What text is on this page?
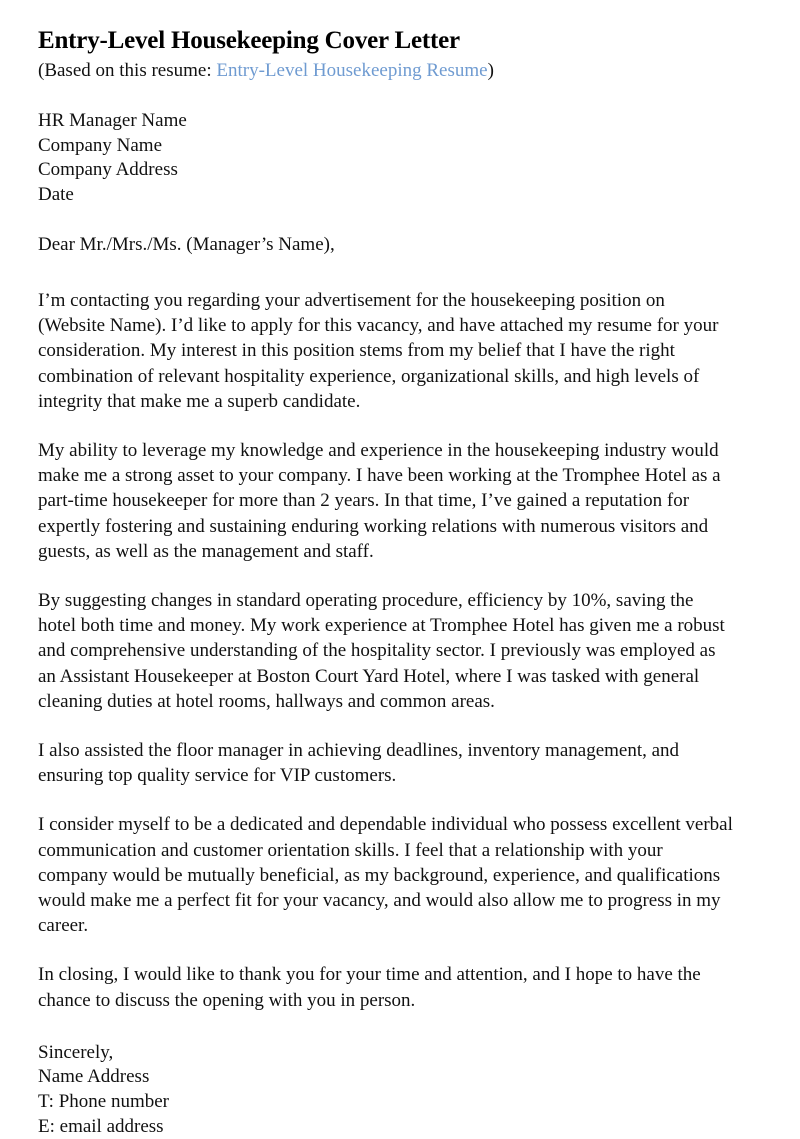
Entry-Level Housekeeping Cover Letter

(Based on this resume: Entry-Level Housekeeping Resume)

HR Manager Name
Company Name
Company Address
Date

Dear Mr./Mrs./Ms. (Manager’s Name),

I’m contacting you regarding your advertisement for the housekeeping position on (Website Name). I’d like to apply for this vacancy, and have attached my resume for your consideration. My interest in this position stems from my belief that I have the right combination of relevant hospitality experience, organizational skills, and high levels of integrity that make me a superb candidate.

My ability to leverage my knowledge and experience in the housekeeping industry would make me a strong asset to your company. I have been working at the Tromphee Hotel as a part-time housekeeper for more than 2 years. In that time, I’ve gained a reputation for expertly fostering and sustaining enduring working relations with numerous visitors and guests, as well as the management and staff.

By suggesting changes in standard operating procedure, efficiency by 10%, saving the hotel both time and money. My work experience at Tromphee Hotel has given me a robust and comprehensive understanding of the hospitality sector. I previously was employed as an Assistant Housekeeper at Boston Court Yard Hotel, where I was tasked with general cleaning duties at hotel rooms, hallways and common areas.

I also assisted the floor manager in achieving deadlines, inventory management, and ensuring top quality service for VIP customers.

I consider myself to be a dedicated and dependable individual who possess excellent verbal communication and customer orientation skills. I feel that a relationship with your company would be mutually beneficial, as my background, experience, and qualifications would make me a perfect fit for your vacancy, and would also allow me to progress in my career.

In closing, I would like to thank you for your time and attention, and I hope to have the chance to discuss the opening with you in person.

Sincerely,
Name Address
T: Phone number
E: email address
